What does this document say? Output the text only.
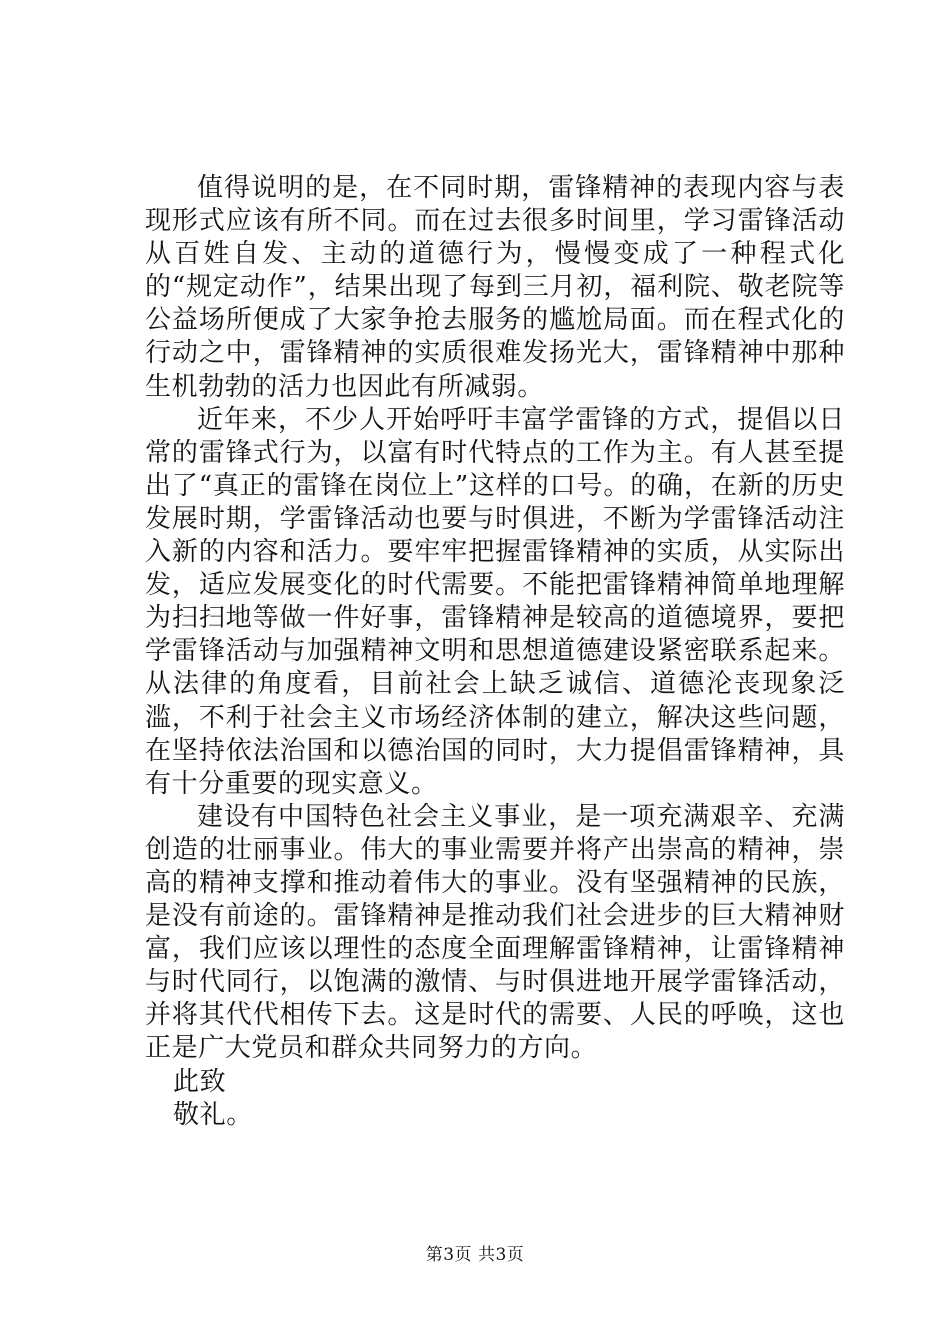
值得说明的是，在不同时期，雷锋精神的表现内容与表现形式应该有所不同。而在过去很多时间里，学习雷锋活动从百姓自发、主动的道德行为，慢慢变成了一种程式化的“规定动作”，结果出现了每到三月初，福利院、敬老院等公益场所便成了大家争抢去服务的尴尬局面。而在程式化的行动之中，雷锋精神的实质很难发扬光大，雷锋精神中那种生机勃勃的活力也因此有所减弱。

近年来，不少人开始呼吁丰富学雷锋的方式，提倡以日常的雷锋式行为，以富有时代特点的工作为主。有人甚至提出了“真正的雷锋在岗位上”这样的口号。的确，在新的历史发展时期，学雷锋活动也要与时俱进，不断为学雷锋活动注入新的内容和活力。要牢牢把握雷锋精神的实质，从实际出发，适应发展变化的时代需要。不能把雷锋精神简单地理解为扫扫地等做一件好事，雷锋精神是较高的道德境界，要把学雷锋活动与加强精神文明和思想道德建设紧密联系起来。从法律的角度看，目前社会上缺乏诚信、道德沦丧现象泛滥，不利于社会主义市场经济体制的建立，解决这些问题，在坚持依法治国和以德治国的同时，大力提倡雷锋精神，具有十分重要的现实意义。

建设有中国特色社会主义事业，是一项充满艰辛、充满创造的壮丽事业。伟大的事业需要并将产出崇高的精神，崇高的精神支撑和推动着伟大的事业。没有坚强精神的民族，是没有前途的。雷锋精神是推动我们社会进步的巨大精神财富，我们应该以理性的态度全面理解雷锋精神，让雷锋精神与时代同行，以饱满的激情、与时俱进地开展学雷锋活动，并将其代代相传下去。这是时代的需要、人民的呼唤，这也正是广大党员和群众共同努力的方向。

此致

敬礼。

第3页 共3页
